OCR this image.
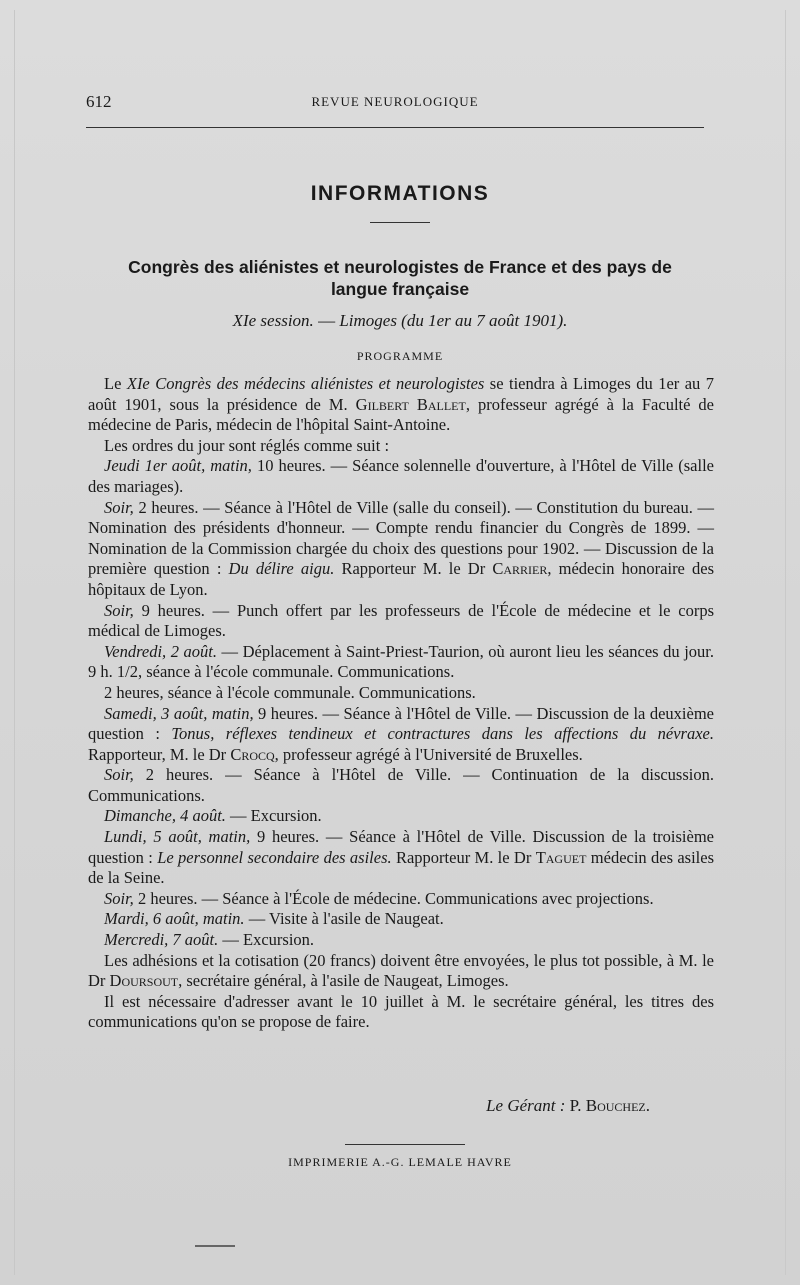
612	REVUE NEUROLOGIQUE
INFORMATIONS
Congrès des aliénistes et neurologistes de France et des pays de
langue française
XIe session. — Limoges (du 1er au 7 août 1901).
PROGRAMME

Le XIe Congrès des médecins aliénistes et neurologistes se tiendra à Limoges du 1er au 7 août 1901, sous la présidence de M. Gilbert Ballet, professeur agrégé à la Faculté de médecine de Paris, médecin de l'hôpital Saint-Antoine.

Les ordres du jour sont réglés comme suit :

Jeudi 1er août, matin, 10 heures. — Séance solennelle d'ouverture, à l'Hôtel de Ville (salle des mariages).

Soir, 2 heures. — Séance à l'Hôtel de Ville (salle du conseil). — Constitution du bureau. — Nomination des présidents d'honneur. — Compte rendu financier du Congrès de 1899. — Nomination de la Commission chargée du choix des questions pour 1902. — Discussion de la première question : Du délire aigu. Rapporteur M. le Dr Carrier, médecin honoraire des hôpitaux de Lyon.

Soir, 9 heures. — Punch offert par les professeurs de l'École de médecine et le corps médical de Limoges.

Vendredi, 2 août. — Déplacement à Saint-Priest-Taurion, où auront lieu les séances du jour. 9 h. 1/2, séance à l'école communale. Communications.

2 heures, séance à l'école communale. Communications.

Samedi, 3 août, matin, 9 heures. — Séance à l'Hôtel de Ville. — Discussion de la deuxième question : Tonus, réflexes tendineux et contractures dans les affections du névraxe. Rapporteur, M. le Dr Crocq, professeur agrégé à l'Université de Bruxelles.

Soir, 2 heures. — Séance à l'Hôtel de Ville. — Continuation de la discussion. Communications.

Dimanche, 4 août. — Excursion.

Lundi, 5 août, matin, 9 heures. — Séance à l'Hôtel de Ville. Discussion de la troisième question : Le personnel secondaire des asiles. Rapporteur M. le Dr Taguet médecin des asiles de la Seine.

Soir, 2 heures. — Séance à l'École de médecine. Communications avec projections.

Mardi, 6 août, matin. — Visite à l'asile de Naugeat.

Mercredi, 7 août. — Excursion.

Les adhésions et la cotisation (20 francs) doivent être envoyées, le plus tot possible, à M. le Dr Doursout, secrétaire général, à l'asile de Naugeat, Limoges.

Il est nécessaire d'adresser avant le 10 juillet à M. le secrétaire général, les titres des communications qu'on se propose de faire.

Le Gérant : P. Bouchez.
IMPRIMERIE A.-G. LEMALE HAVRE
